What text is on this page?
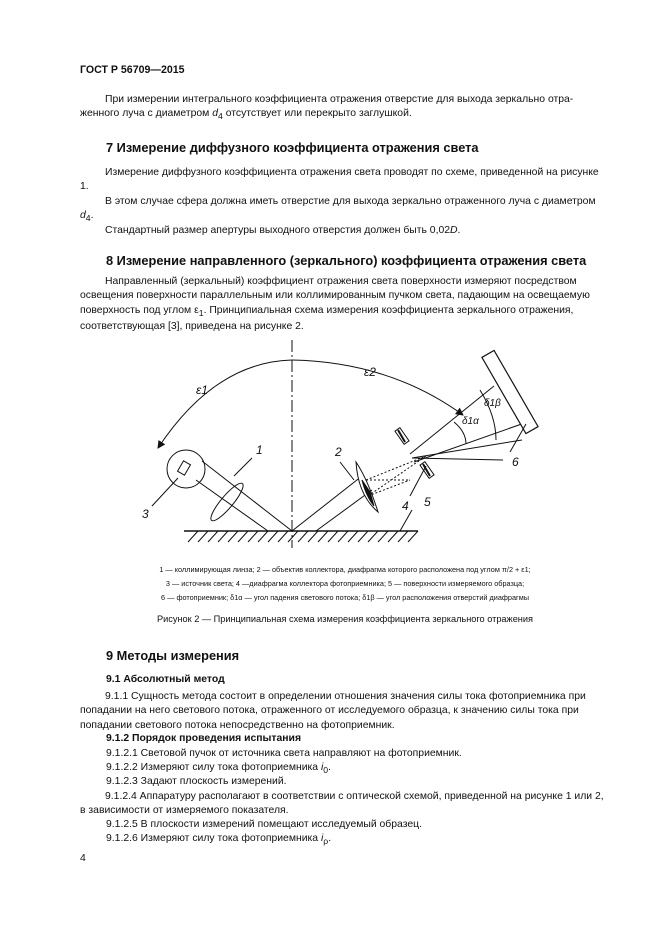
ГОСТ Р 56709—2015
При измерении интегрального коэффициента отражения отверстие для выхода зеркально отра- женного луча с диаметром $d_4$ отсутствует или перекрыто заглушкой.
7 Измерение диффузного коэффициента отражения света
Измерение диффузного коэффициента отражения света проводят по схеме, приведенной на рисунке 1.
В этом случае сфера должна иметь отверстие для выхода зеркально отраженного луча с диаметром $d_4$.
Стандартный размер апертуры выходного отверстия должен быть 0,02D.
8 Измерение направленного (зеркального) коэффициента отражения света
Направленный (зеркальный) коэффициент отражения света поверхности измеряют посредством освещения поверхности параллельным или коллимированным пучком света, падающим на освещаемую поверхность под углом $\varepsilon_1$. Принципиальная схема измерения коэффициента зеркального отражения, соответствующая [3], приведена на рисунке 2.
ε1
ε2
1	2
3
4 5
6
δ1α
δ1β
1 — коллимирующая линза; 2 — объектив коллектора, диафрагма которого расположена под углом π/2 + ε1;
3 — источник света; 4 —диафрагма коллектора фотоприемника; 5 — поверхности измеряемого образца;
6 — фотоприемник; δ1α — угол падения светового потока; δ1β — угол расположения отверстий диафрагмы
Рисунок 2 — Принципиальная схема измерения коэффициента зеркального отражения
9 Методы измерения
9.1 Абсолютный метод
9.1.1 Сущность метода состоит в определении отношения значения силы тока фотоприемника при попадании на него светового потока, отраженного от исследуемого образца, к значению силы тока при попадании светового потока непосредственно на фотоприемник.
9.1.2 Порядок проведения испытания
9.1.2.1 Световой пучок от источника света направляют на фотоприемник.
9.1.2.2 Измеряют силу тока фотоприемника $i_0$.
9.1.2.3 Задают плоскость измерений.
9.1.2.4 Аппаратуру располагают в соответствии с оптической схемой, приведенной на рисунке 1 или 2, в зависимости от измеряемого показателя.
9.1.2.5 В плоскости измерений помещают исследуемый образец.
9.1.2.6 Измеряют силу тока фотоприемника $i_\rho$.
4
